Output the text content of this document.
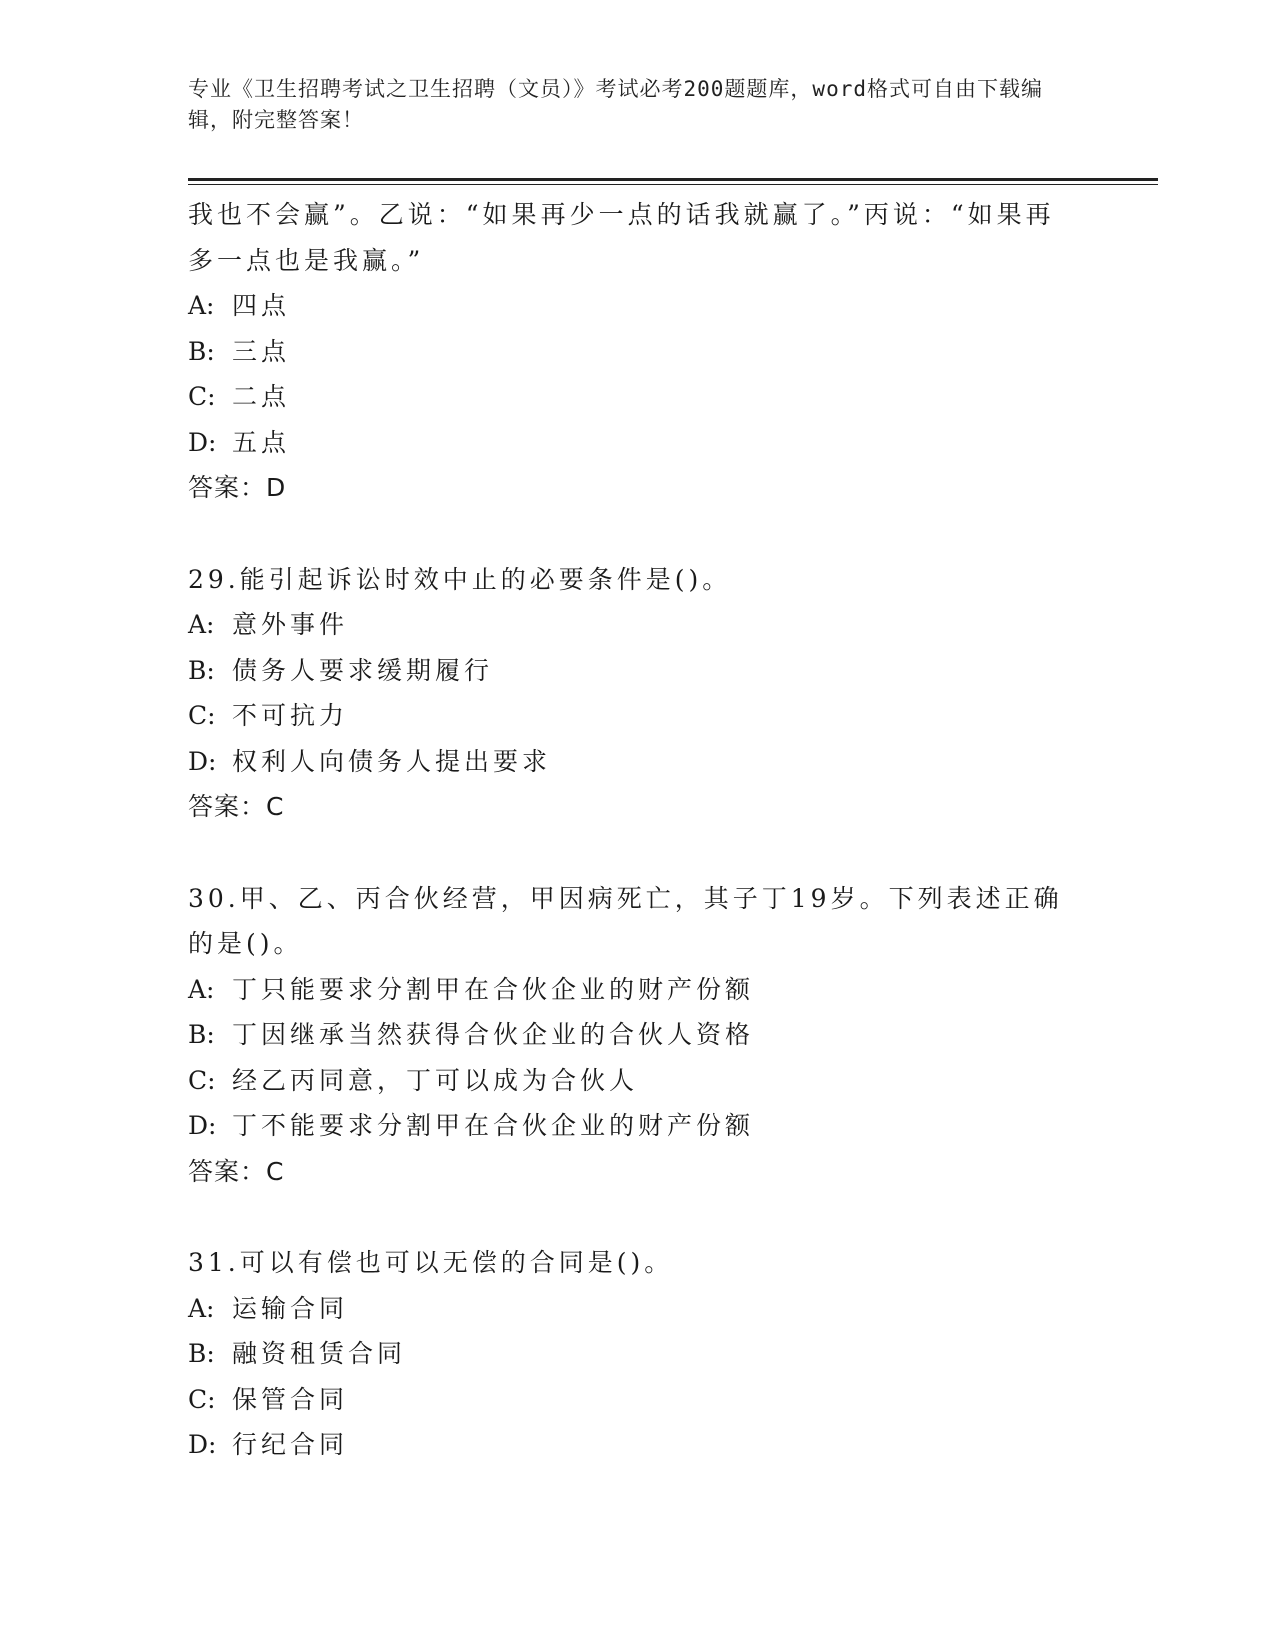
专业《卫生招聘考试之卫生招聘（文员）》考试必考200题题库，word格式可自由下载编辑，附完整答案！
我也不会赢”。乙说：“如果再少一点的话我就赢了。”丙说：“如果再多一点也是我赢。”
A: 四点
B: 三点
C: 二点
D: 五点
答案：D
29.能引起诉讼时效中止的必要条件是()。
A: 意外事件
B: 债务人要求缓期履行
C: 不可抗力
D: 权利人向债务人提出要求
答案：C
30.甲、乙、丙合伙经营，甲因病死亡，其子丁19岁。下列表述正确的是()。
A: 丁只能要求分割甲在合伙企业的财产份额
B: 丁因继承当然获得合伙企业的合伙人资格
C: 经乙丙同意，丁可以成为合伙人
D: 丁不能要求分割甲在合伙企业的财产份额
答案：C
31.可以有偿也可以无偿的合同是()。
A: 运输合同
B: 融资租赁合同
C: 保管合同
D: 行纪合同
